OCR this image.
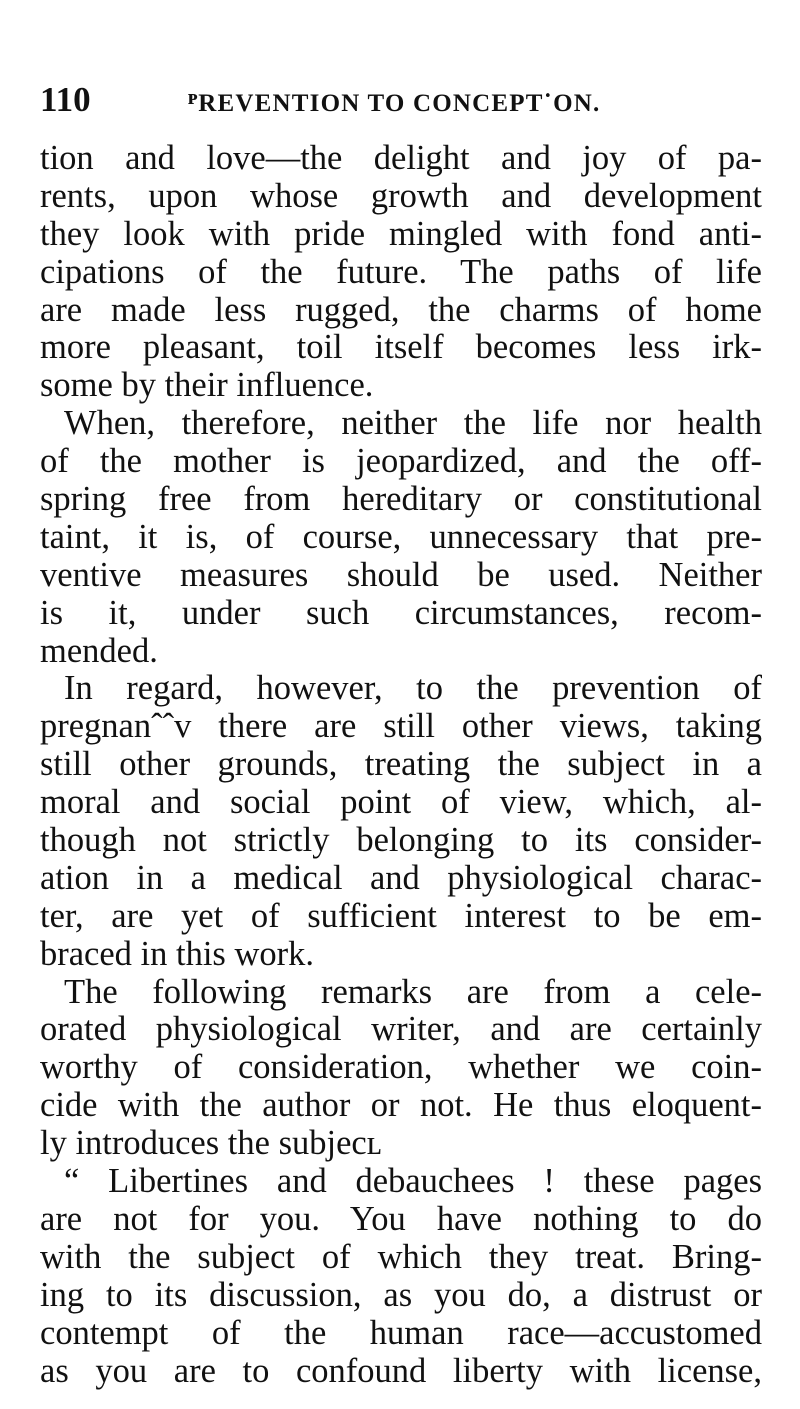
110	ᴾREVENTION TO CONCEPT˙ON.
tion and love—the delight and joy of pa-
rents, upon whose growth and development
they look with pride mingled with fond anti-
cipations of the future. The paths of life
are made less rugged, the charms of home
more pleasant, toil itself becomes less irk-
some by their influence.
When, therefore, neither the life nor health
of the mother is jeopardized, and the off-
spring free from hereditary or constitutional
taint, it is, of course, unnecessary that pre-
ventive measures should be used. Neither
is it, under such circumstances, recom-
mended.
In regard, however, to the prevention of
pregnanˆˆv there are still other views, taking
still other grounds, treating the subject in a
moral and social point of view, which, al-
though not strictly belonging to its consider-
ation in a medical and physiological charac-
ter, are yet of sufficient interest to be em-
braced in this work.
The following remarks are from a cele-
orated physiological writer, and are certainly
worthy of consideration, whether we coin-
cide with the author or not. He thus eloquent-
ly introduces the subjecʟ
“ Libertines and debauchees ! these pages
are not for you. You have nothing to do
with the subject of which they treat. Bring-
ing to its discussion, as you do, a distrust or
contempt of the human race—accustomed
as you are to confound liberty with license,
